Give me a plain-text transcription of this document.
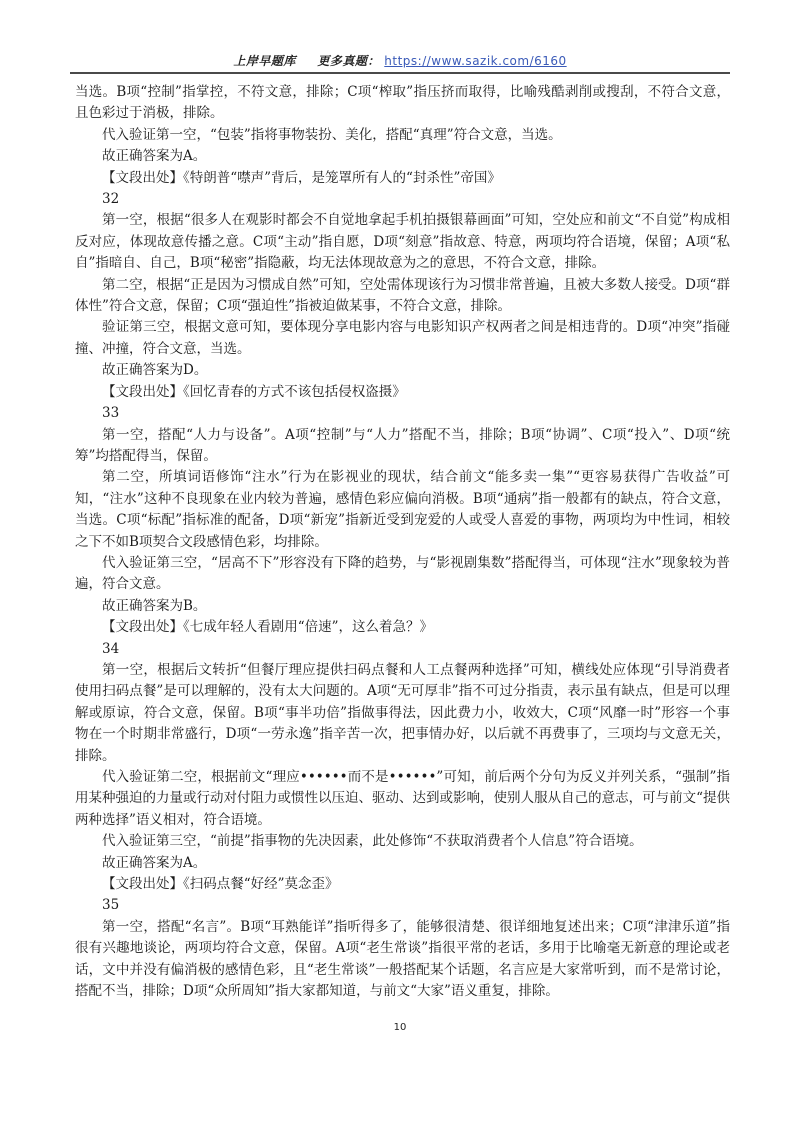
上岸早题库 更多真题： https://www.sazik.com/6160

当选。B项“控制”指掌控，不符文意，排除；C项“榨取”指压挤而取得，比喻残酷剥削或搜刮，不符合文意，且色彩过于消极，排除。

代入验证第一空，“包装”指将事物装扮、美化，搭配“真理”符合文意，当选。

故正确答案为A。

【文段出处】《特朗普“噤声”背后，是笼罩所有人的“封杀性”帝国》

32

第一空，根据“很多人在观影时都会不自觉地拿起手机拍摄银幕画面”可知，空处应和前文“不自觉”构成相反对应，体现故意传播之意。C项“主动”指自愿，D项“刻意”指故意、特意，两项均符合语境，保留；A项“私自”指暗自、自己，B项“秘密”指隐蔽，均无法体现故意为之的意思，不符合文意，排除。

第二空，根据“正是因为习惯成自然”可知，空处需体现该行为习惯非常普遍，且被大多数人接受。D项“群体性”符合文意，保留；C项“强迫性”指被迫做某事，不符合文意，排除。

验证第三空，根据文意可知，要体现分享电影内容与电影知识产权两者之间是相违背的。D项“冲突”指碰撞、冲撞，符合文意，当选。

故正确答案为D。

【文段出处】《回忆青春的方式不该包括侵权盗摄》

33

第一空，搭配“人力与设备”。A项“控制”与“人力”搭配不当，排除；B项“协调”、C项“投入”、D项“统筹”均搭配得当，保留。

第二空，所填词语修饰“注水”行为在影视业的现状，结合前文“能多卖一集”“更容易获得广告收益”可知，“注水”这种不良现象在业内较为普遍，感情色彩应偏向消极。B项“通病”指一般都有的缺点，符合文意，当选。C项“标配”指标准的配备，D项“新宠”指新近受到宠爱的人或受人喜爱的事物，两项均为中性词，相较之下不如B项契合文段感情色彩，均排除。

代入验证第三空，“居高不下”形容没有下降的趋势，与“影视剧集数”搭配得当，可体现“注水”现象较为普遍，符合文意。

故正确答案为B。

【文段出处】《七成年轻人看剧用“倍速”，这么着急？》

34

第一空，根据后文转折“但餐厅理应提供扫码点餐和人工点餐两种选择”可知，横线处应体现“引导消费者使用扫码点餐”是可以理解的，没有太大问题的。A项“无可厚非”指不可过分指责，表示虽有缺点，但是可以理解或原谅，符合文意，保留。B项“事半功倍”指做事得法，因此费力小，收效大，C项“风靡一时”形容一个事物在一个时期非常盛行，D项“一劳永逸”指辛苦一次，把事情办好，以后就不再费事了，三项均与文意无关，排除。

代入验证第二空，根据前文“理应••••••而不是••••••”可知，前后两个分句为反义并列关系，“强制”指用某种强迫的力量或行动对付阻力或惯性以压迫、驱动、达到或影响，使别人服从自己的意志，可与前文“提供两种选择”语义相对，符合语境。

代入验证第三空，“前提”指事物的先决因素，此处修饰“不获取消费者个人信息”符合语境。

故正确答案为A。

【文段出处】《扫码点餐“好经”莫念歪》

35

第一空，搭配“名言”。B项“耳熟能详”指听得多了，能够很清楚、很详细地复述出来；C项“津津乐道”指很有兴趣地谈论，两项均符合文意，保留。A项“老生常谈”指很平常的老话，多用于比喻毫无新意的理论或老话，文中并没有偏消极的感情色彩，且“老生常谈”一般搭配某个话题，名言应是大家常听到，而不是常讨论，搭配不当，排除；D项“众所周知”指大家都知道，与前文“大家”语义重复，排除。

10
